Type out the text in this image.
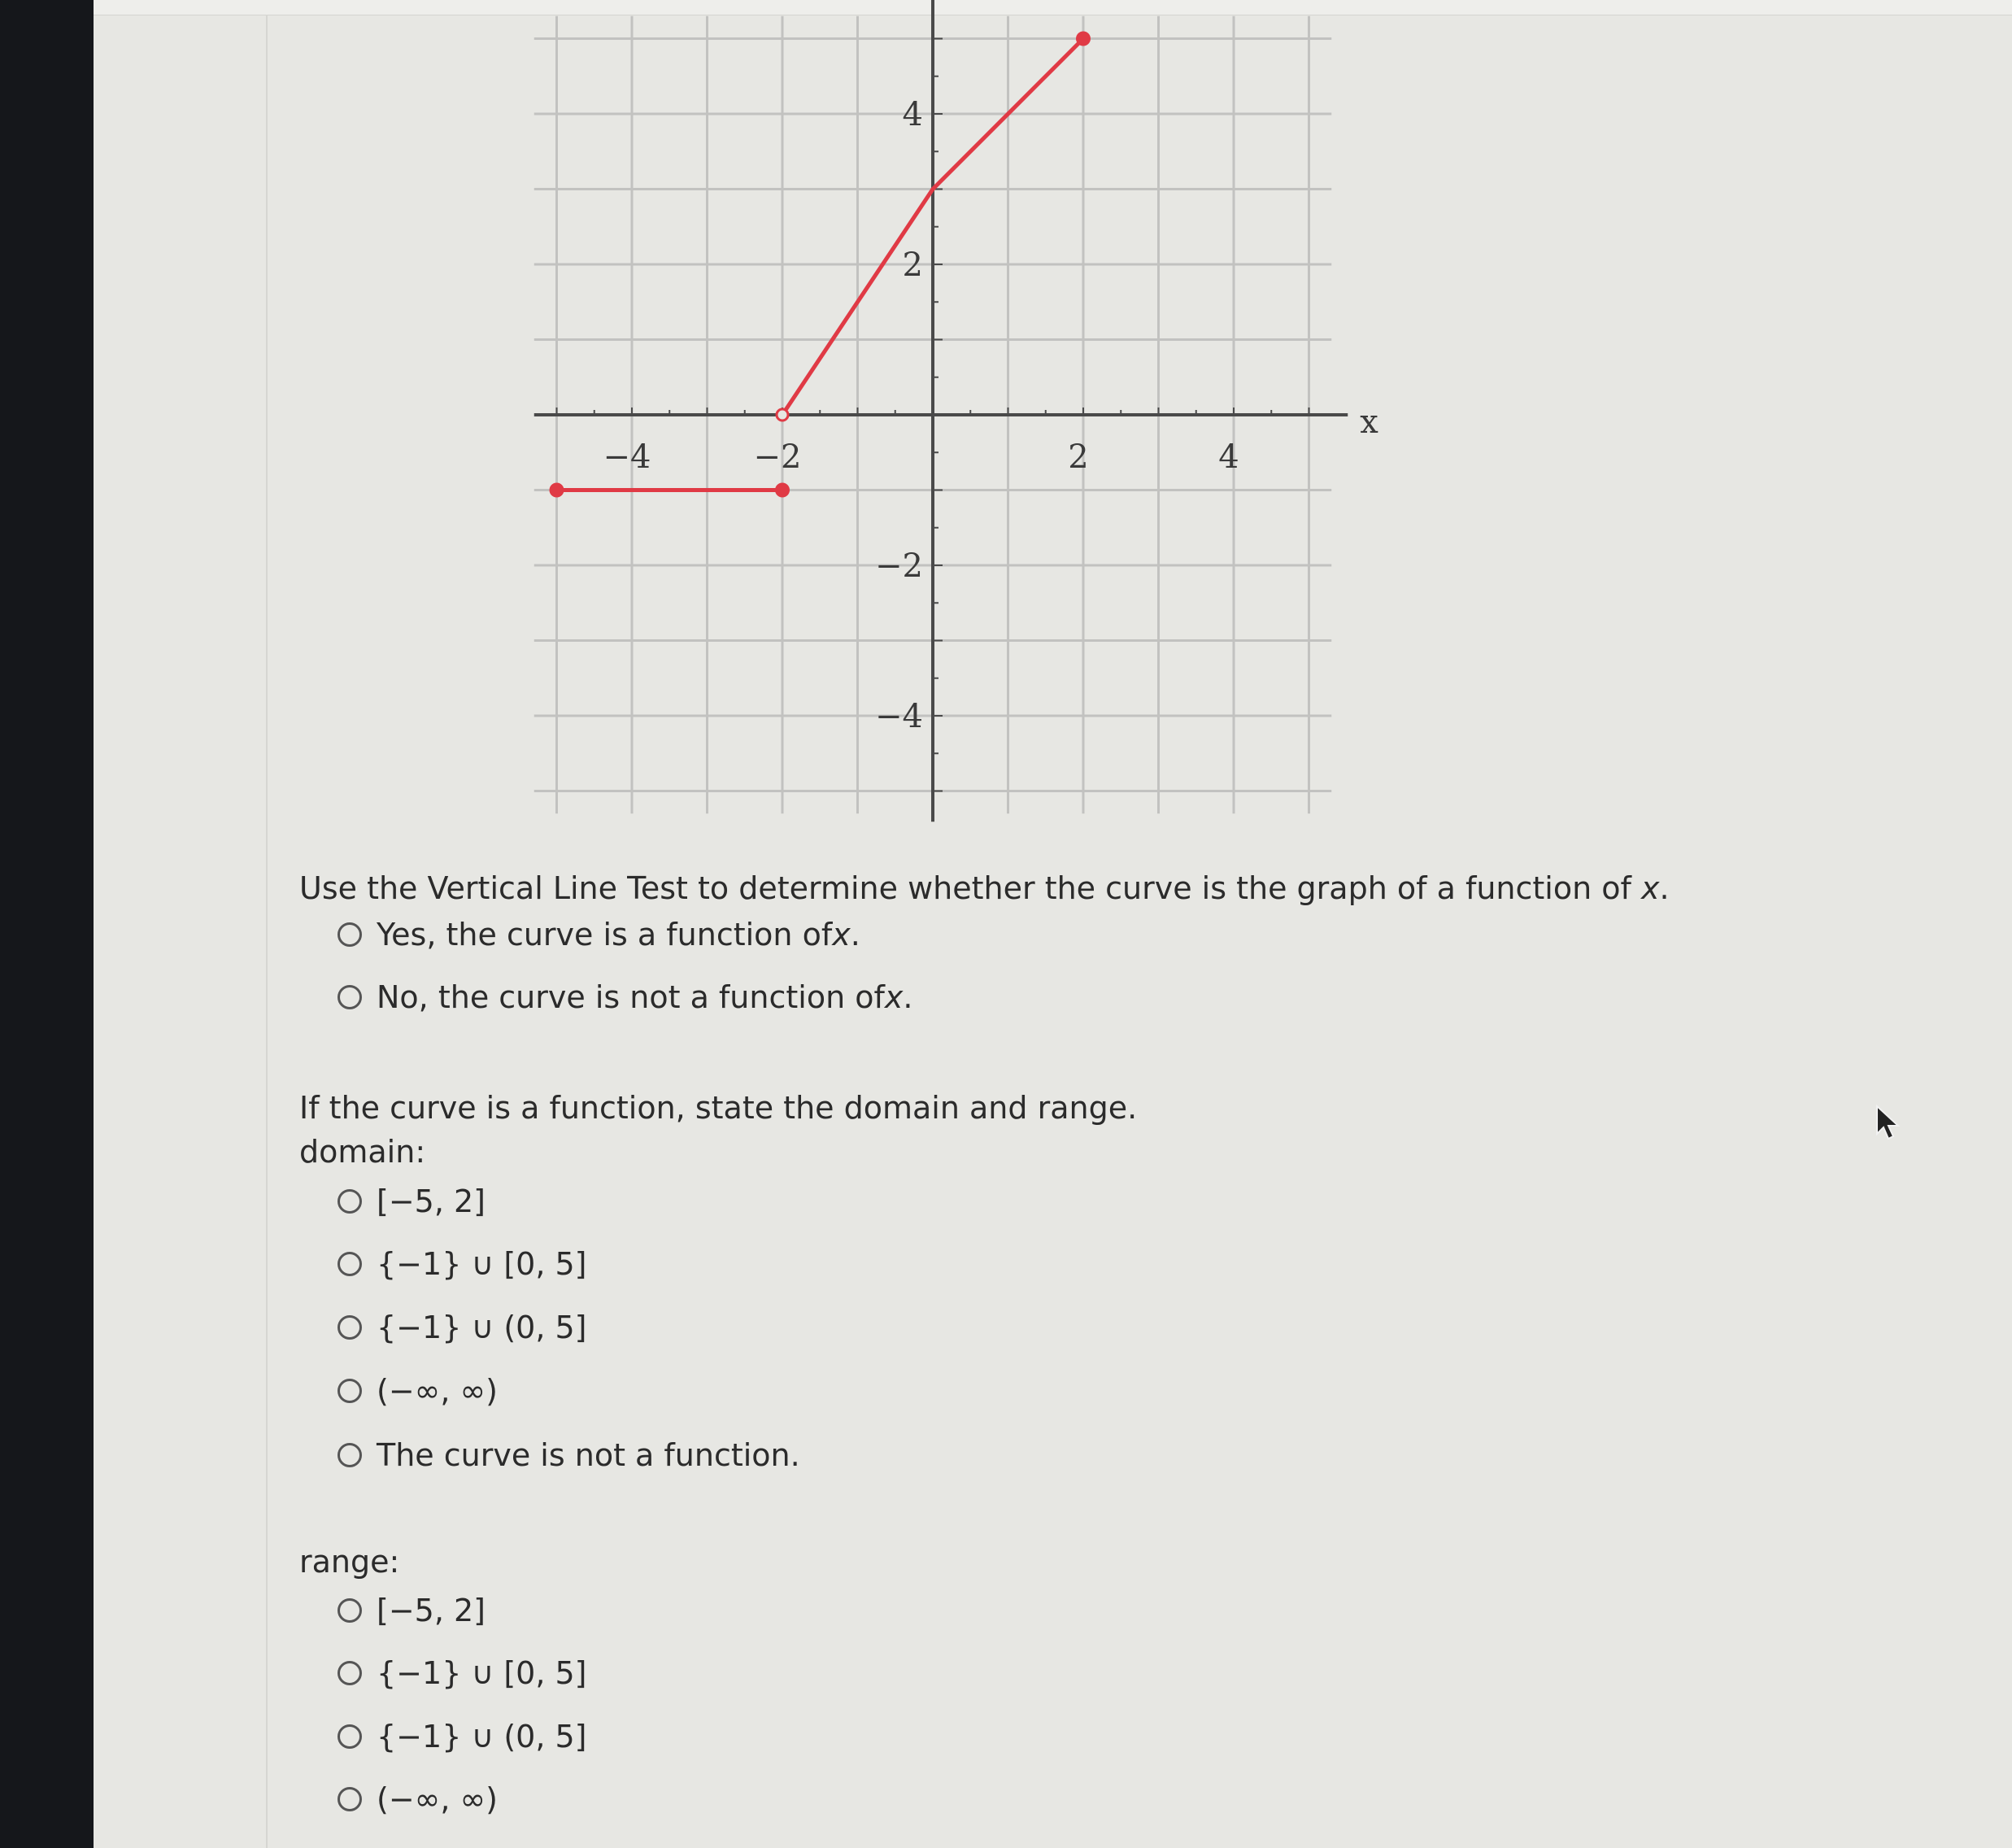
−4	−2	2	4
4
2
−2
−4
x
Use the Vertical Line Test to determine whether the curve is the graph of a function of x.
Yes, the curve is a function of x .
No, the curve is not a function of x .
If the curve is a function, state the domain and range.
domain:
[−5, 2]
{−1} ∪ [0, 5]
{−1} ∪ (0, 5]
(−∞, ∞)
The curve is not a function.
range:
[−5, 2]
{−1} ∪ [0, 5]
{−1} ∪ (0, 5]
(−∞, ∞)
